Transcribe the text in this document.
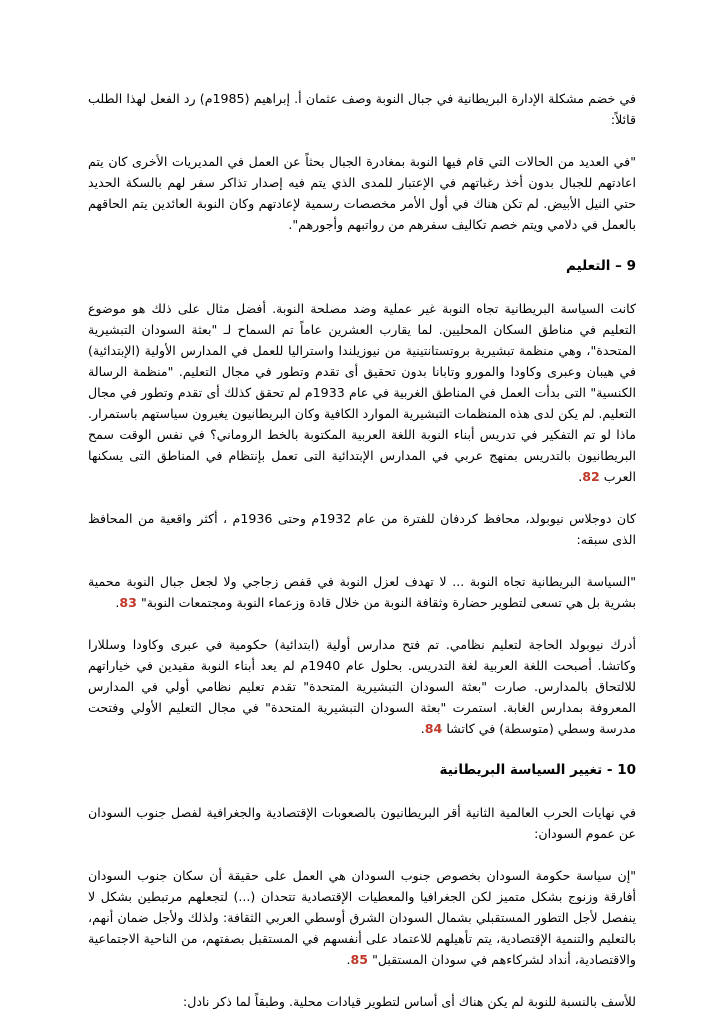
في خضم مشكلة الإدارة البريطانية في جبال النوبة وصف عثمان أ. إبراهيم (1985م) رد الفعل لهذا الطلب قائلاً:

"في العديد من الحالات التي قام فيها النوبة بمغادرة الجبال بحثاً عن العمل في المديريات الأخرى كان يتم اعادتهم للجبال بدون أخذ رغباتهم في الإعتبار للمدى الذي يتم فيه إصدار تذاكر سفر لهم بالسكة الحديد حتي النيل الأبيض. لم تكن هناك في أول الأمر مخصصات رسمية لإعادتهم وكان النوبة العائدين يتم الحاقهم بالعمل في دلامي ويتم خصم تكاليف سفرهم من رواتبهم وأجورهم".

9 – التعليم

كانت السياسة البريطانية تجاه النوبة غير عملية وضد مصلحة النوبة. أفضل مثال على ذلك هو موضوع التعليم في مناطق السكان المحليين. لما يقارب العشرين عاماً تم السماح لـ "بعثة السودان التبشيرية المتحدة"، وهي منظمة تبشيرية بروتستانتينية من نيوزيلندا واستراليا للعمل في المدارس الأولية (الإبتدائية) في هيبان وعبرى وكاودا والمورو وتابانا بدون تحقيق أى تقدم وتطور في مجال التعليم. "منظمة الرسالة الكنسية" التى بدأت العمل في المناطق الغربية في عام 1933م لم تحقق كذلك أى تقدم وتطور في مجال التعليم. لم يكن لدى هذه المنظمات التبشيرية الموارد الكافية وكان البريطانيون يغيرون سياستهم باستمرار. ماذا لو تم التفكير في تدريس أبناء النوبة اللغة العربية المكتوبة بالخط الروماني؟ في نفس الوقت سمح البريطانيون بالتدريس بمنهج عربي في المدارس الإبتدائية التى تعمل بإنتظام في المناطق التى يسكنها العرب 82.

كان دوجلاس نيوبولد، محافظ كردفان للفترة من عام 1932م وحتى 1936م ، أكثر واقعية من المحافظ الذى سبقه:

"السياسة البريطانية تجاه النوبة ... لا تهدف لعزل النوبة في قفص زجاجي ولا لجعل جبال النوبة محمية بشرية بل هي تسعى لتطوير حضارة وثقافة النوبة من خلال قادة وزعماء النوبة ومجتمعات النوبة" 83.

أدرك نيوبولد الحاجة لتعليم نظامي. تم فتح مدارس أولية (ابتدائية) حكومية في عبرى وكاودا وسللارا وكاتشا. أصبحت اللغة العربية لغة التدريس. بحلول عام 1940م لم يعد أبناء النوبة مقيدين في خياراتهم للالتحاق بالمدارس. صارت "بعثة السودان التبشيرية المتحدة" تقدم تعليم نظامي أولي في المدارس المعروفة بمدارس الغابة. استمرت "بعثة السودان التبشيرية المتحدة" في مجال التعليم الأولي وفتحت مدرسة وسطي (متوسطة) في كاتشا 84.

10 - تغيير السياسة البريطانية

في نهايات الحرب العالمية الثانية أقر البريطانيون بالصعوبات الإقتصادية والجغرافية لفصل جنوب السودان عن عموم السودان:

"إن سياسة حكومة السودان بخصوص جنوب السودان هي العمل على حقيقة أن سكان جنوب السودان أفارقة وزنوج بشكل متميز لكن الجغرافيا والمعطيات الإقتصادية تتحدان (...) لتجعلهم مرتبطين بشكل لا ينفصل لأجل التطور المستقبلي بشمال السودان الشرق أوسطي العربي الثقافة: ولذلك ولأجل ضمان أنهم، بالتعليم والتنمية الإقتصادية، يتم تأهيلهم للاعتماد على أنفسهم في المستقبل بصفتهم، من الناحية الاجتماعية والاقتصادية، أنداد لشركاءهم في سودان المستقبل" 85.

للأسف بالنسبة للنوبة لم يكن هناك أى أساس لتطوير قيادات محلية. وطبقاً لما ذكر نادل:
